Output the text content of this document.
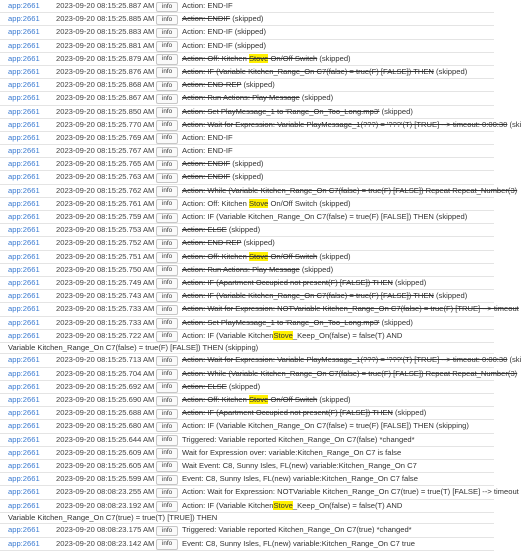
app:2661 2023-09-20 08:15:25.887 AM	info	Action: END-IF
app:2661 2023-09-20 08:15:25.885 AM	info	Action: ENDIF (skipped)
app:2661 2023-09-20 08:15:25.883 AM	info	Action: END-IF (skipped)
app:2661 2023-09-20 08:15:25.881 AM	info	Action: END-IF (skipped)
app:2661 2023-09-20 08:15:25.879 AM	info	Action: Off: Kitchen Stove On/Off Switch (skipped)
app:2661 2023-09-20 08:15:25.876 AM	info	Action: IF (Variable Kitchen_Range_On C7(false) = true(F) [FALSE]) THEN (skipped)
app:2661 2023-09-20 08:15:25.868 AM	info	Action: END-REP (skipped)
app:2661 2023-09-20 08:15:25.867 AM	info	Action: Run Actions: Play Message (skipped)
app:2661 2023-09-20 08:15:25.850 AM	info	Action: Set PlayMessage_1 to 'Range_On_Too_Long.mp3' (skipped)
app:2661 2023-09-20 08:15:25.770 AM	info	Action: Wait for Expression: Variable PlayMessage_1(???) = '???'(T) [TRUE] --> timeout: 0:00:30 (ski
app:2661 2023-09-20 08:15:25.769 AM	info	Action: END-IF
app:2661 2023-09-20 08:15:25.767 AM	info	Action: END-IF
app:2661 2023-09-20 08:15:25.765 AM	info	Action: ENDIF (skipped)
app:2661 2023-09-20 08:15:25.763 AM	info	Action: ENDIF (skipped)
app:2661 2023-09-20 08:15:25.762 AM	info	Action: While (Variable Kitchen_Range_On C7(false) = true(F) [FALSE]) Repeat Repeat_Number(3)
app:2661 2023-09-20 08:15:25.761 AM	info	Action: Off: Kitchen Stove On/Off Switch (skipped)
app:2661 2023-09-20 08:15:25.759 AM	info	Action: IF (Variable Kitchen_Range_On C7(false) = true(F) [FALSE]) THEN (skipped)
app:2661 2023-09-20 08:15:25.753 AM	info	Action: ELSE (skipped)
app:2661 2023-09-20 08:15:25.752 AM	info	Action: END-REP (skipped)
app:2661 2023-09-20 08:15:25.751 AM	info	Action: Off: Kitchen Stove On/Off Switch (skipped)
app:2661 2023-09-20 08:15:25.750 AM	info	Action: Run Actions: Play Message (skipped)
app:2661 2023-09-20 08:15:25.749 AM	info	Action: IF (Apartment Occupied not present(F) [FALSE]) THEN (skipped)
app:2661 2023-09-20 08:15:25.743 AM	info	Action: IF (Variable Kitchen_Range_On C7(false) = true(F) [FALSE]) THEN (skipped)
app:2661 2023-09-20 08:15:25.733 AM	info	Action: Wait for Expression: NOTVariable Kitchen_Range_On C7(false) = true(F) [TRUE] --> timeout
app:2661 2023-09-20 08:15:25.733 AM	info	Action: Set PlayMessage_1 to 'Range_On_Too_Long.mp3' (skipped)
app:2661 2023-09-20 08:15:25.722 AM	info	Action: IF (Variable KitchenStove_Keep_On(false) = false(T) AND
Variable Kitchen_Range_On C7(false) = true(F) [FALSE]) THEN (skipping)
app:2661 2023-09-20 08:15:25.713 AM	info	Action: Wait for Expression: Variable PlayMessage_1(???) = '???'(T) [TRUE] --> timeout: 0:00:30 (ski
app:2661 2023-09-20 08:15:25.704 AM	info	Action: While (Variable Kitchen_Range_On C7(false) = true(F) [FALSE]) Repeat Repeat_Number(3)
app:2661 2023-09-20 08:15:25.692 AM	info	Action: ELSE (skipped)
app:2661 2023-09-20 08:15:25.690 AM	info	Action: Off: Kitchen Stove On/Off Switch (skipped)
app:2661 2023-09-20 08:15:25.688 AM	info	Action: IF (Apartment Occupied not present(F) [FALSE]) THEN (skipped)
app:2661 2023-09-20 08:15:25.680 AM	info	Action: IF (Variable Kitchen_Range_On C7(false) = true(F) [FALSE]) THEN (skipping)
app:2661 2023-09-20 08:15:25.644 AM	info	Triggered: Variable reported Kitchen_Range_On C7(false) *changed*
app:2661 2023-09-20 08:15:25.609 AM	info	Wait for Expression over: variable:Kitchen_Range_On C7 is false
app:2661 2023-09-20 08:15:25.605 AM	info	Wait Event: C8, Sunny Isles, FL(new) variable:Kitchen_Range_On C7
app:2661 2023-09-20 08:15:25.599 AM	info	Event: C8, Sunny Isles, FL(new) variable:Kitchen_Range_On C7 false
app:2661 2023-09-20 08:08:23.255 AM	info	Action: Wait for Expression: NOTVariable Kitchen_Range_On C7(true) = true(T) [FALSE] --> timeout
app:2661 2023-09-20 08:08:23.192 AM	info	Action: IF (Variable KitchenStove_Keep_On(false) = false(T) AND
Variable Kitchen_Range_On C7(true) = true(T) [TRUE]) THEN
app:2661 2023-09-20 08:08:23.175 AM	info	Triggered: Variable reported Kitchen_Range_On C7(true) *changed*
app:2661 2023-09-20 08:08:23.142 AM	info	Event: C8, Sunny Isles, FL(new) variable:Kitchen_Range_On C7 true
